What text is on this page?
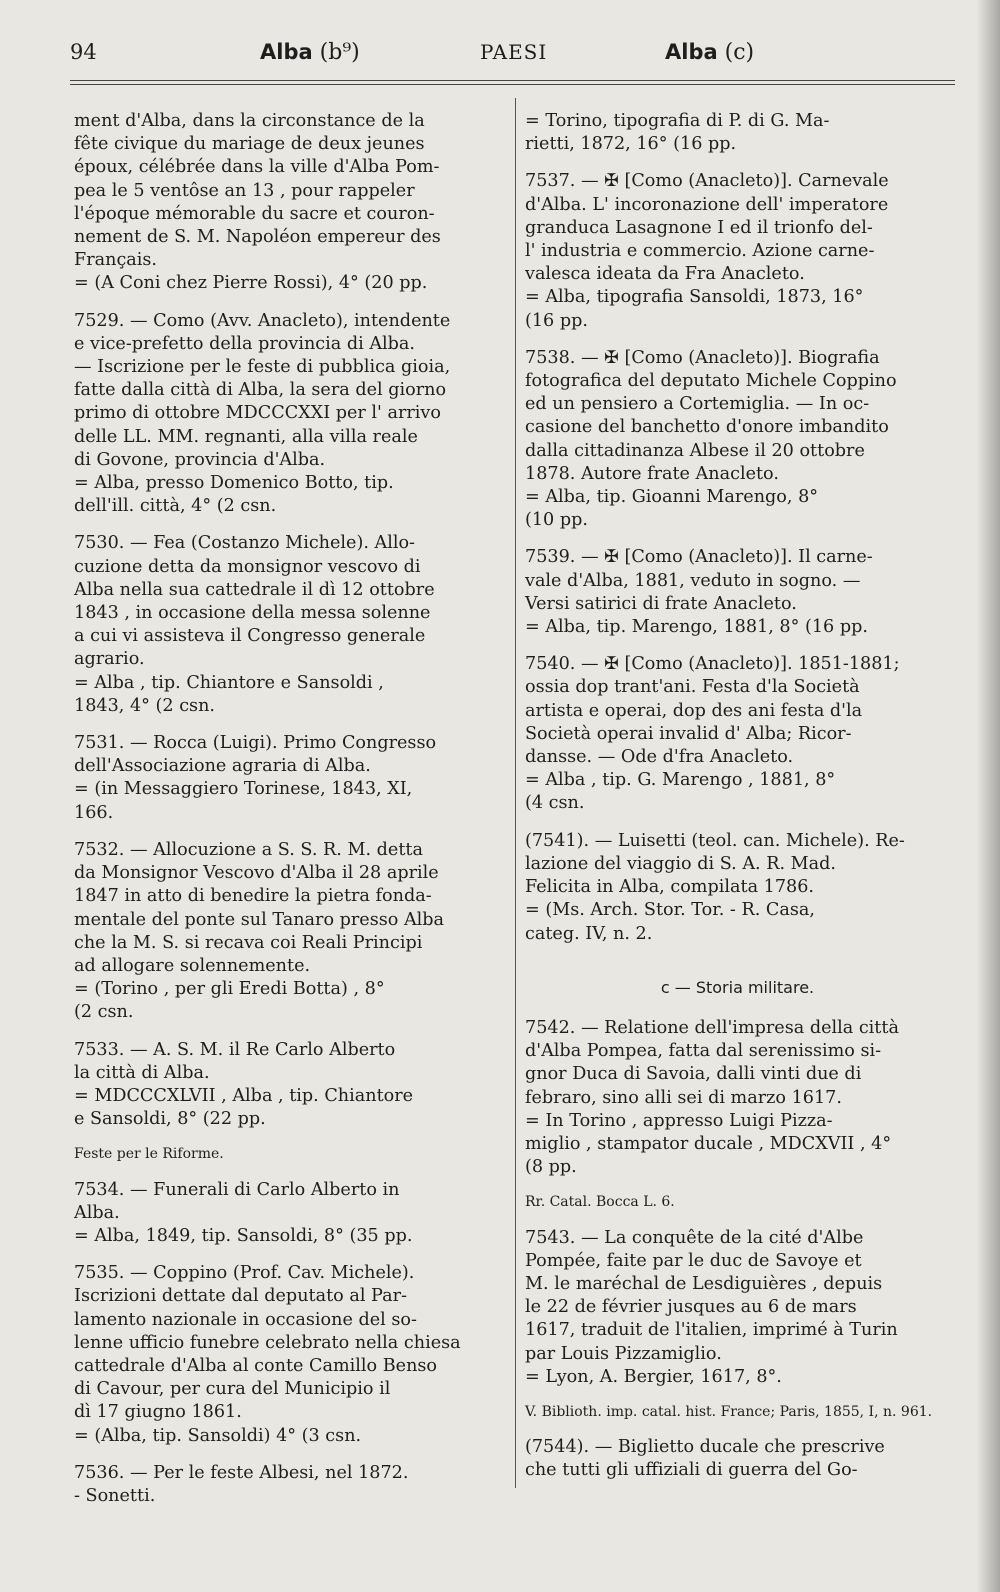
94	Alba (b⁹)	PAESI	Alba (c)
ment d'Alba, dans la circonstance de la
fête civique du mariage de deux jeunes
époux, célébrée dans la ville d'Alba Pom-
pea le 5 ventôse an 13 , pour rappeler
l'époque mémorable du sacre et couron-
nement de S. M. Napoléon empereur des
Français.
= (A Coni chez Pierre Rossi), 4° (20 pp.
7529. — Como (Avv. Anacleto), intendente
e vice-prefetto della provincia di Alba.
— Iscrizione per le feste di pubblica gioia,
fatte dalla città di Alba, la sera del giorno
primo di ottobre MDCCCXXI per l' arrivo
delle LL. MM. regnanti, alla villa reale
di Govone, provincia d'Alba.
= Alba, presso Domenico Botto, tip.
dell'ill. città, 4° (2 csn.
7530. — Fea (Costanzo Michele). Allo-
cuzione detta da monsignor vescovo di
Alba nella sua cattedrale il dì 12 ottobre
1843 , in occasione della messa solenne
a cui vi assisteva il Congresso generale
agrario.
= Alba , tip. Chiantore e Sansoldi ,
1843, 4° (2 csn.
7531. — Rocca (Luigi). Primo Congresso
dell'Associazione agraria di Alba.
= (in Messaggiero Torinese, 1843, XI,
166.
7532. — Allocuzione a S. S. R. M. detta
da Monsignor Vescovo d'Alba il 28 aprile
1847 in atto di benedire la pietra fonda-
mentale del ponte sul Tanaro presso Alba
che la M. S. si recava coi Reali Principi
ad allogare solennemente.
= (Torino , per gli Eredi Botta) , 8°
(2 csn.
7533. — A. S. M. il Re Carlo Alberto
la città di Alba.
= MDCCCXLVII , Alba , tip. Chiantore
e Sansoldi, 8° (22 pp.
Feste per le Riforme.
7534. — Funerali di Carlo Alberto in
Alba.
= Alba, 1849, tip. Sansoldi, 8° (35 pp.
7535. — Coppino (Prof. Cav. Michele).
Iscrizioni dettate dal deputato al Par-
lamento nazionale in occasione del so-
lenne ufficio funebre celebrato nella chiesa
cattedrale d'Alba al conte Camillo Benso
di Cavour, per cura del Municipio il
dì 17 giugno 1861.
= (Alba, tip. Sansoldi) 4° (3 csn.
7536. — Per le feste Albesi, nel 1872.
- Sonetti.
= Torino, tipografia di P. di G. Ma-
rietti, 1872, 16° (16 pp.
7537. — ✠ [Como (Anacleto)]. Carnevale
d'Alba. L' incoronazione dell' imperatore
granduca Lasagnone I ed il trionfo del-
l' industria e commercio. Azione carne-
valesca ideata da Fra Anacleto.
= Alba, tipografia Sansoldi, 1873, 16°
(16 pp.
7538. — ✠ [Como (Anacleto)]. Biografia
fotografica del deputato Michele Coppino
ed un pensiero a Cortemiglia. — In oc-
casione del banchetto d'onore imbandito
dalla cittadinanza Albese il 20 ottobre
1878. Autore frate Anacleto.
= Alba, tip. Gioanni Marengo, 8°
(10 pp.
7539. — ✠ [Como (Anacleto)]. Il carne-
vale d'Alba, 1881, veduto in sogno. —
Versi satirici di frate Anacleto.
= Alba, tip. Marengo, 1881, 8° (16 pp.
7540. — ✠ [Como (Anacleto)]. 1851-1881;
ossia dop trant'ani. Festa d'la Società
artista e operai, dop des ani festa d'la
Società operai invalid d' Alba; Ricor-
dansse. — Ode d'fra Anacleto.
= Alba , tip. G. Marengo , 1881, 8°
(4 csn.
(7541). — Luisetti (teol. can. Michele). Re-
lazione del viaggio di S. A. R. Mad.
Felicita in Alba, compilata 1786.
= (Ms. Arch. Stor. Tor. - R. Casa,
categ. IV, n. 2.
c — Storia militare.
7542. — Relatione dell'impresa della città
d'Alba Pompea, fatta dal serenissimo si-
gnor Duca di Savoia, dalli vinti due di
febraro, sino alli sei di marzo 1617.
= In Torino , appresso Luigi Pizza-
miglio , stampator ducale , MDCXVII , 4°
(8 pp.
Rr. Catal. Bocca L. 6.
7543. — La conquête de la cité d'Albe
Pompée, faite par le duc de Savoye et
M. le maréchal de Lesdiguières , depuis
le 22 de février jusques au 6 de mars
1617, traduit de l'italien, imprimé à Turin
par Louis Pizzamiglio.
= Lyon, A. Bergier, 1617, 8°.
V. Biblioth. imp. catal. hist. France; Paris, 1855, I, n. 961.
(7544). — Biglietto ducale che prescrive
che tutti gli uffiziali di guerra del Go-
